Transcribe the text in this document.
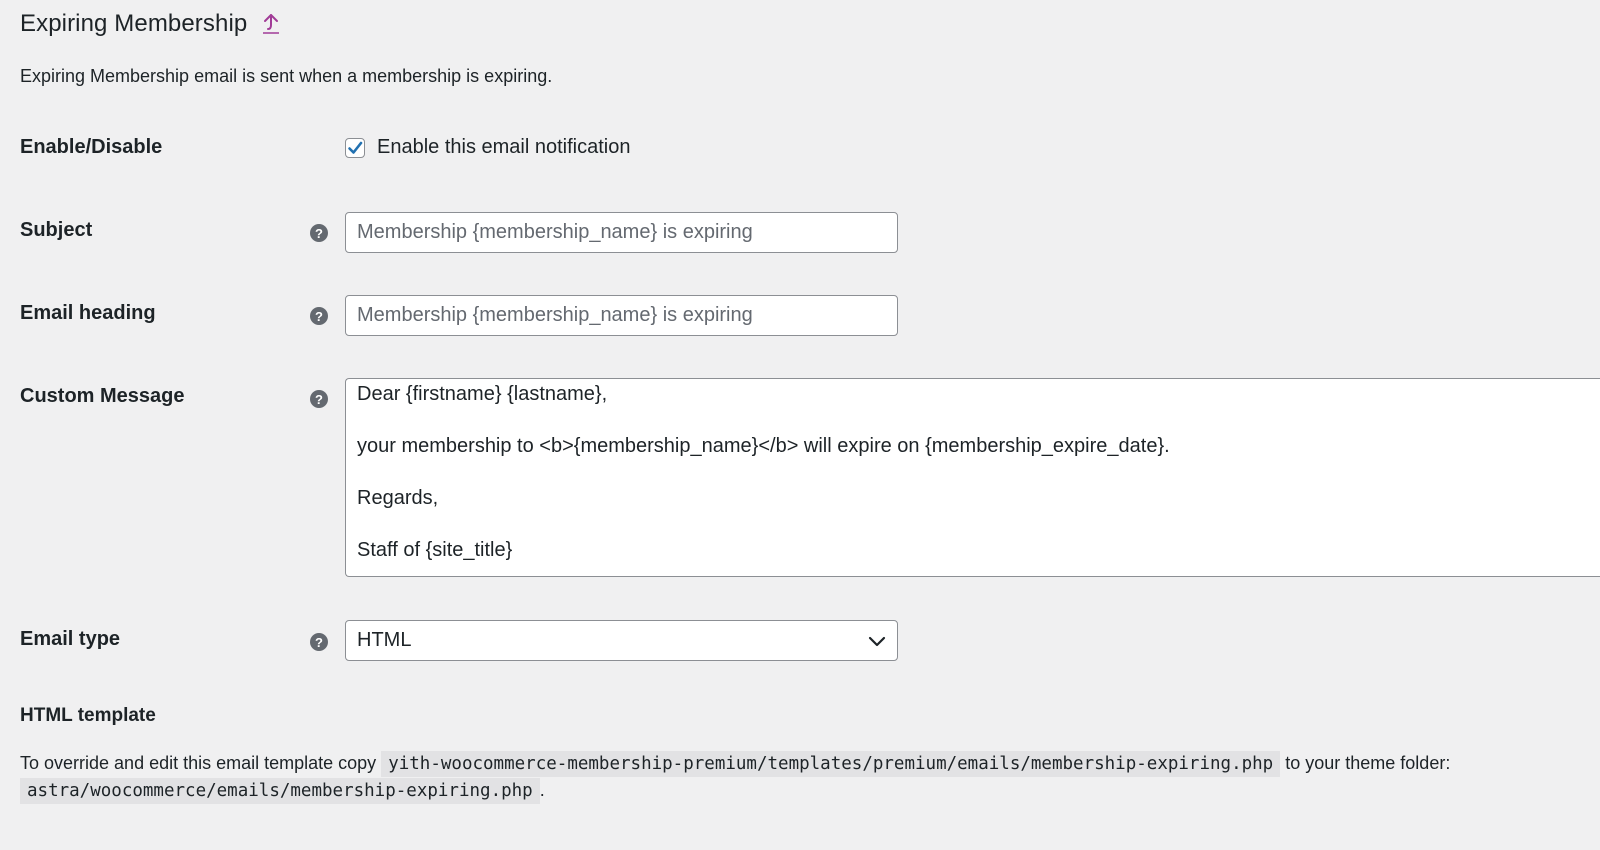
Expiring Membership
Expiring Membership email is sent when a membership is expiring.
Enable/Disable	Enable this email notification
Subject	?	Membership {membership_name} is expiring
Email heading	?	Membership {membership_name} is expiring
Custom Message	? Dear {firstname} {lastname},

your membership to <b>{membership_name}</b> will expire on {membership_expire_date}.

Regards,

Staff of {site_title}

Email type	? HTML
HTML template
To override and edit this email template copy yith-woocommerce-membership-premium/templates/premium/emails/membership-expiring.php to your theme folder:
astra/woocommerce/emails/membership-expiring.php .
